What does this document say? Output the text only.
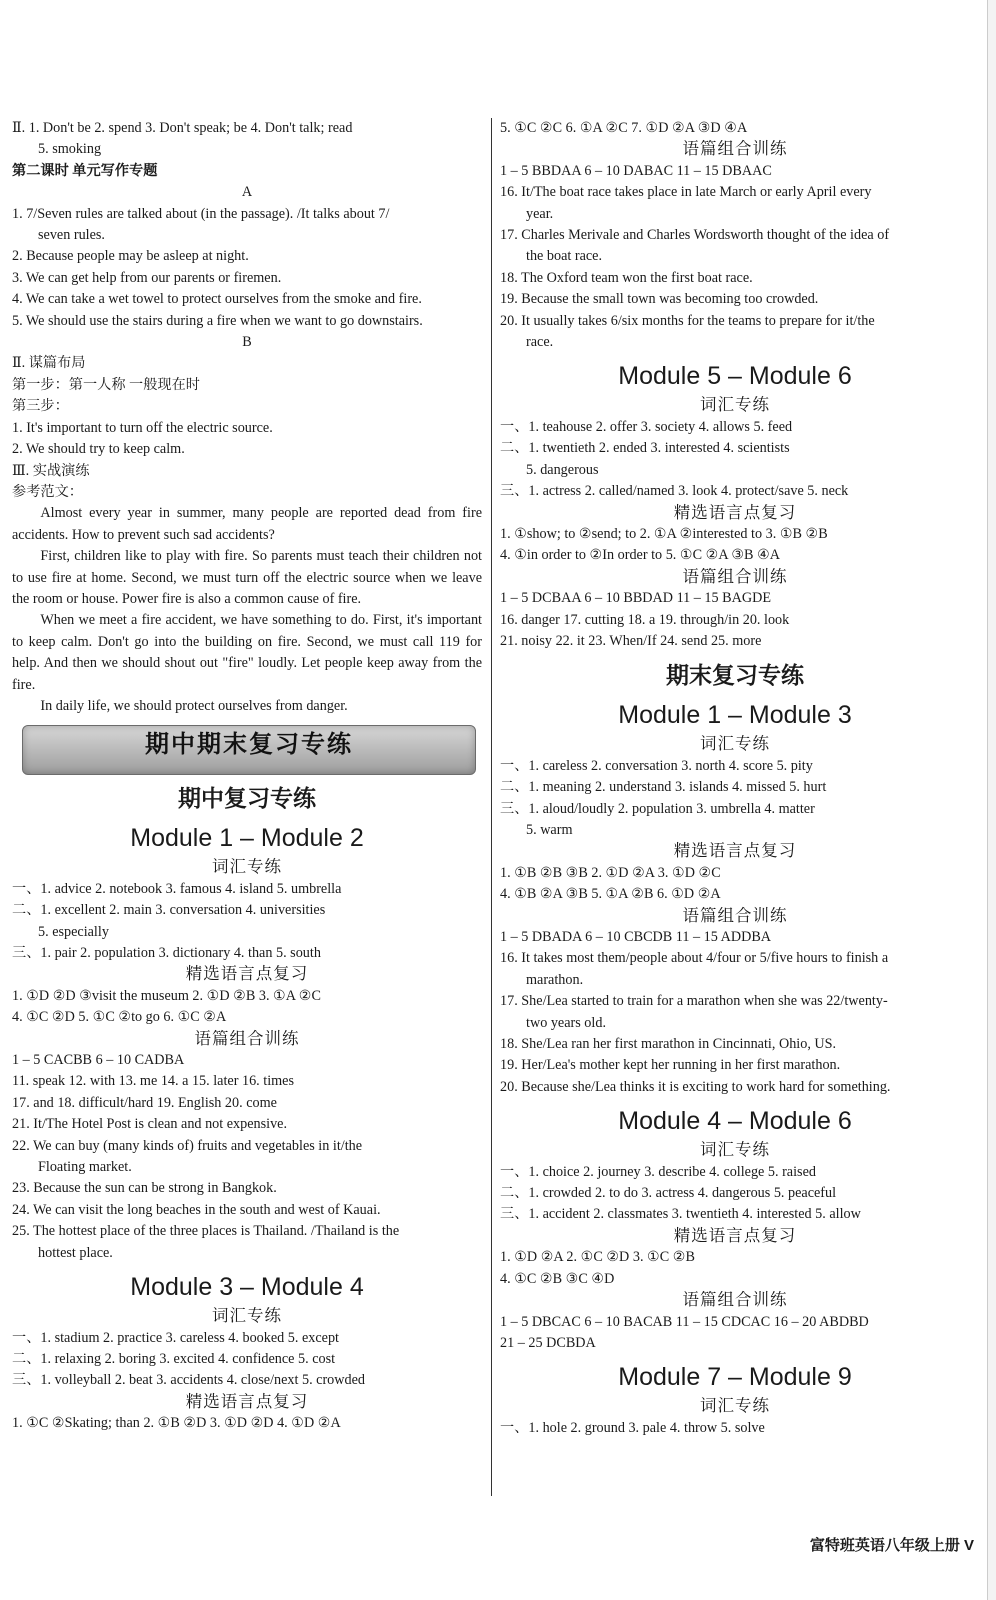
Ⅱ. 1. Don't be 2. spend 3. Don't speak; be 4. Don't talk; read
5. smoking
第二课时 单元写作专题
A
1. 7/Seven rules are talked about (in the passage). /It talks about 7/
seven rules.
2. Because people may be asleep at night.
3. We can get help from our parents or firemen.
4. We can take a wet towel to protect ourselves from the smoke and fire.
5. We should use the stairs during a fire when we want to go downstairs.
B
Ⅱ. 谋篇布局
第一步：第一人称 一般现在时
第三步：
1. It's important to turn off the electric source.
2. We should try to keep calm.
Ⅲ. 实战演练
参考范文：
Almost every year in summer, many people are reported dead from fire accidents. How to prevent such sad accidents?
First, children like to play with fire. So parents must teach their children not to use fire at home. Second, we must turn off the electric source when we leave the room or house. Power fire is also a common cause of fire.
When we meet a fire accident, we have something to do. First, it's important to keep calm. Don't go into the building on fire. Second, we must call 119 for help. And then we should shout out "fire" loudly. Let people keep away from the fire.
In daily life, we should protect ourselves from danger.
期中期末复习专练
期中复习专练
Module 1 – Module 2
词汇专练
一、1. advice 2. notebook 3. famous 4. island 5. umbrella
二、1. excellent 2. main 3. conversation 4. universities
5. especially
三、1. pair 2. population 3. dictionary 4. than 5. south
精选语言点复习
1. ①D ②D ③visit the museum 2. ①D ②B 3. ①A ②C
4. ①C ②D 5. ①C ②to go 6. ①C ②A
语篇组合训练
1 – 5 CACBB 6 – 10 CADBA
11. speak 12. with 13. me 14. a 15. later 16. times
17. and 18. difficult/hard 19. English 20. come
21. It/The Hotel Post is clean and not expensive.
22. We can buy (many kinds of) fruits and vegetables in it/the
Floating market.
23. Because the sun can be strong in Bangkok.
24. We can visit the long beaches in the south and west of Kauai.
25. The hottest place of the three places is Thailand. /Thailand is the
hottest place.
Module 3 – Module 4
词汇专练
一、1. stadium 2. practice 3. careless 4. booked 5. except
二、1. relaxing 2. boring 3. excited 4. confidence 5. cost
三、1. volleyball 2. beat 3. accidents 4. close/next 5. crowded
精选语言点复习
1. ①C ②Skating; than 2. ①B ②D 3. ①D ②D 4. ①D ②A
5. ①C ②C 6. ①A ②C 7. ①D ②A ③D ④A
语篇组合训练
1 – 5 BBDAA 6 – 10 DABAC 11 – 15 DBAAC
16. It/The boat race takes place in late March or early April every
year.
17. Charles Merivale and Charles Wordsworth thought of the idea of
the boat race.
18. The Oxford team won the first boat race.
19. Because the small town was becoming too crowded.
20. It usually takes 6/six months for the teams to prepare for it/the
race.
Module 5 – Module 6
词汇专练
一、1. teahouse 2. offer 3. society 4. allows 5. feed
二、1. twentieth 2. ended 3. interested 4. scientists
5. dangerous
三、1. actress 2. called/named 3. look 4. protect/save 5. neck
精选语言点复习
1. ①show; to ②send; to 2. ①A ②interested to 3. ①B ②B
4. ①in order to ②In order to 5. ①C ②A ③B ④A
语篇组合训练
1 – 5 DCBAA 6 – 10 BBDAD 11 – 15 BAGDE
16. danger 17. cutting 18. a 19. through/in 20. look
21. noisy 22. it 23. When/If 24. send 25. more
期末复习专练
Module 1 – Module 3
词汇专练
一、1. careless 2. conversation 3. north 4. score 5. pity
二、1. meaning 2. understand 3. islands 4. missed 5. hurt
三、1. aloud/loudly 2. population 3. umbrella 4. matter
5. warm
精选语言点复习
1. ①B ②B ③B 2. ①D ②A 3. ①D ②C
4. ①B ②A ③B 5. ①A ②B 6. ①D ②A
语篇组合训练
1 – 5 DBADA 6 – 10 CBCDB 11 – 15 ADDBA
16. It takes most them/people about 4/four or 5/five hours to finish a
marathon.
17. She/Lea started to train for a marathon when she was 22/twenty-
two years old.
18. She/Lea ran her first marathon in Cincinnati, Ohio, US.
19. Her/Lea's mother kept her running in her first marathon.
20. Because she/Lea thinks it is exciting to work hard for something.
Module 4 – Module 6
词汇专练
一、1. choice 2. journey 3. describe 4. college 5. raised
二、1. crowded 2. to do 3. actress 4. dangerous 5. peaceful
三、1. accident 2. classmates 3. twentieth 4. interested 5. allow
精选语言点复习
1. ①D ②A 2. ①C ②D 3. ①C ②B
4. ①C ②B ③C ④D
语篇组合训练
1 – 5 DBCAC 6 – 10 BACAB 11 – 15 CDCAC 16 – 20 ABDBD
21 – 25 DCBDA
Module 7 – Module 9
词汇专练
一、1. hole 2. ground 3. pale 4. throw 5. solve
富特班英语八年级上册 V
